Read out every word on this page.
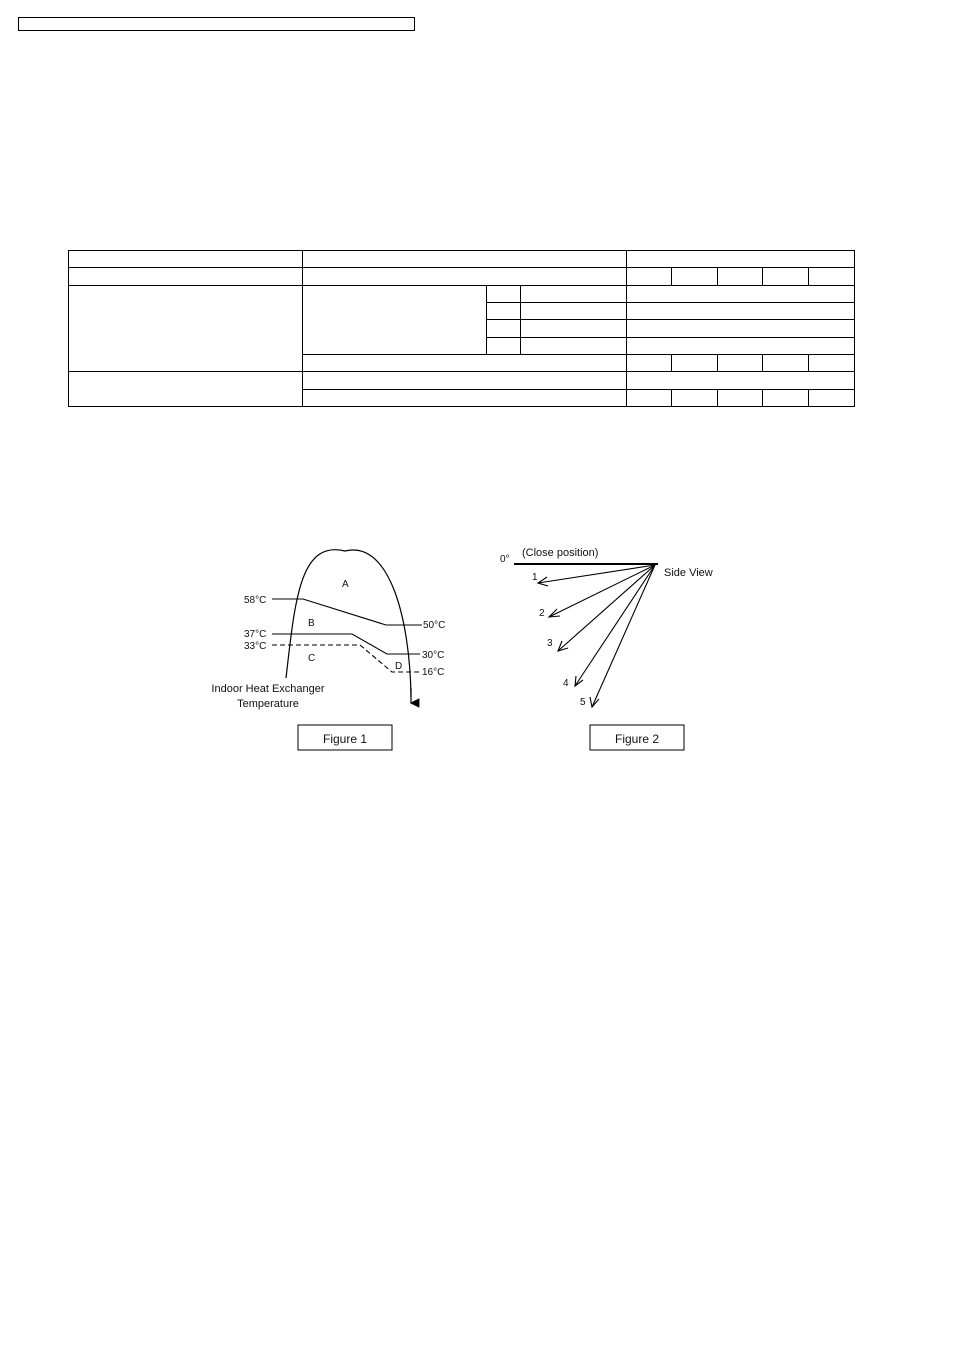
A
B
C
D
58°C
50°C
37°C
33°C
30°C
16°C
Indoor Heat Exchanger
Temperature
Figure 1
0°
(Close position)
Side View
1
2
3
4
5
Figure 2
